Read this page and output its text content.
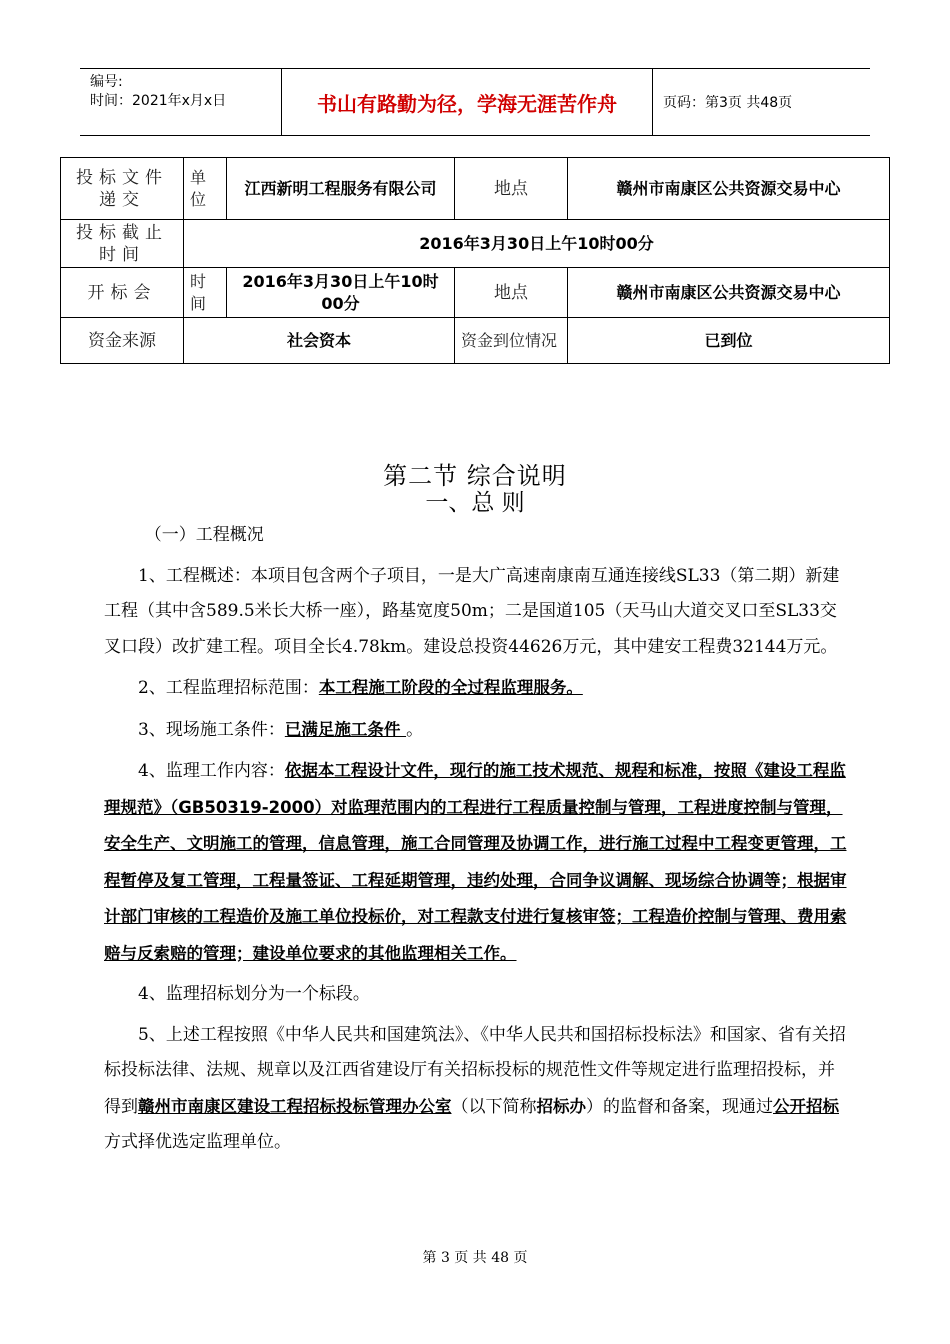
编号:
时间：2021年x月x日	书山有路勤为径，学海无涯苦作舟	页码：第3页 共48页
投标文件递交	单位	江西新明工程服务有限公司	地点	赣州市南康区公共资源交易中心
投标截止时间	2016年3月30日上午10时00分			
开标会	时间	2016年3月30日上午10时00分	地点	赣州市南康区公共资源交易中心
资金来源	社会资本		资金到位情况	已到位
第二节 综合说明
一、总 则

（一）工程概况

1、工程概述：本项目包含两个子项目，一是大广高速南康南互通连接线SL33（第二期）新建工程（其中含589.5米长大桥一座），路基宽度50m；二是国道105（天马山大道交叉口至SL33交叉口段）改扩建工程。项目全长4.78km。建设总投资44626万元，其中建安工程费32144万元。

2、工程监理招标范围：本工程施工阶段的全过程监理服务。

3、现场施工条件：已满足施工条件 。

4、监理工作内容：依据本工程设计文件，现行的施工技术规范、规程和标准，按照《建设工程监理规范》（GB50319-2000）对监理范围内的工程进行工程质量控制与管理，工程进度控制与管理，安全生产、文明施工的管理，信息管理，施工合同管理及协调工作，进行施工过程中工程变更管理，工程暂停及复工管理，工程量签证、工程延期管理，违约处理，合同争议调解、现场综合协调等；根据审计部门审核的工程造价及施工单位投标价，对工程款支付进行复核审签；工程造价控制与管理、费用索赔与反索赔的管理；建设单位要求的其他监理相关工作。

4、监理招标划分为一个标段。

5、上述工程按照《中华人民共和国建筑法》、《中华人民共和国招标投标法》和国家、省有关招标投标法律、法规、规章以及江西省建设厅有关招标投标的规范性文件等规定进行监理招投标，并得到赣州市南康区建设工程招标投标管理办公室（以下简称招标办）的监督和备案，现通过公开招标方式择优选定监理单位。

第 3 页 共 48 页
